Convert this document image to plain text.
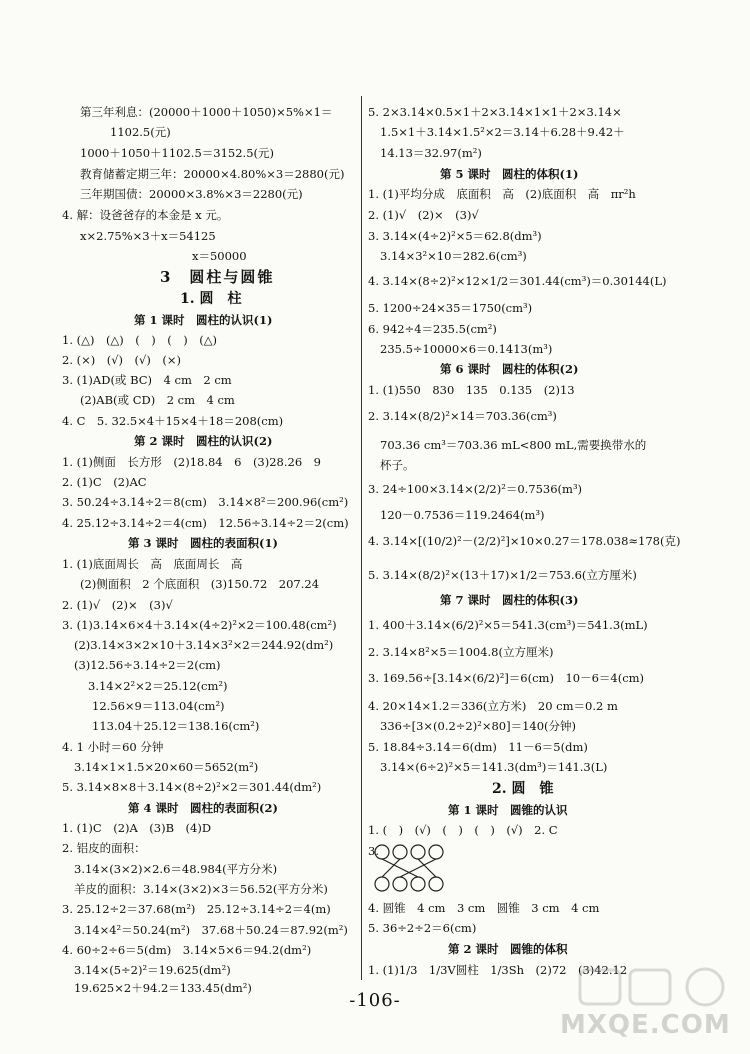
第三年利息：(20000＋1000＋1050)×5%×1＝
1102.5(元)
1000＋1050＋1102.5＝3152.5(元)
教育储蓄定期三年：20000×4.80%×3＝2880(元)
三年期国债：20000×3.8%×3＝2280(元)
4. 解：设爸爸存的本金是 x 元。
x×2.75%×3＋x＝54125
x＝50000
3　圆柱与圆锥
1. 圆　柱
第 1 课时　圆柱的认识(1)
1. (△)　(△)　(　)　(　)　(△)
2. (×)　(√)　(√)　(×)
3. (1)AD(或 BC)　4 cm　2 cm
(2)AB(或 CD)　2 cm　4 cm
4. C　5. 32.5×4＋15×4＋18＝208(cm)
第 2 课时　圆柱的认识(2)
1. (1)侧面　长方形　(2)18.84　6　(3)28.26　9
2. (1)C　(2)AC
3. 50.24÷3.14÷2＝8(cm)　3.14×8²＝200.96(cm²)
4. 25.12÷3.14÷2＝4(cm)　12.56÷3.14÷2＝2(cm)
第 3 课时　圆柱的表面积(1)
1. (1)底面周长　高　底面周长　高
(2)侧面积　2 个底面积　(3)150.72　207.24
2. (1)√　(2)×　(3)√
3. (1)3.14×6×4＋3.14×(4÷2)²×2＝100.48(cm²)
(2)3.14×3×2×10＋3.14×3²×2＝244.92(dm²)
(3)12.56÷3.14÷2＝2(cm)
3.14×2²×2＝25.12(cm²)
12.56×9＝113.04(cm²)
113.04＋25.12＝138.16(cm²)
4. 1 小时＝60 分钟
3.14×1×1.5×20×60＝5652(m²)
5. 3.14×8×8＋3.14×(8÷2)²×2＝301.44(dm²)
第 4 课时　圆柱的表面积(2)
1. (1)C　(2)A　(3)B　(4)D
2. 铝皮的面积：
3.14×(3×2)×2.6＝48.984(平方分米)
羊皮的面积：3.14×(3×2)×3＝56.52(平方分米)
3. 25.12÷2＝37.68(m²)　25.12÷3.14÷2＝4(m)
3.14×4²＝50.24(m²)　37.68＋50.24＝87.92(m²)
4. 60÷2÷6＝5(dm)　3.14×5×6＝94.2(dm²)
3.14×(5÷2)²＝19.625(dm²)
19.625×2＋94.2＝133.45(dm²)
5. 2×3.14×0.5×1＋2×3.14×1×1＋2×3.14×
1.5×1＋3.14×1.5²×2＝3.14＋6.28＋9.42＋
14.13＝32.97(m²)
第 5 课时　圆柱的体积(1)
1. (1)平均分成　底面积　高　(2)底面积　高　πr²h
2. (1)√　(2)×　(3)√
3. 3.14×(4÷2)²×5＝62.8(dm³)
3.14×3²×10＝282.6(cm³)
4. 3.14×(8÷2)²×12×1/2＝301.44(cm³)＝0.30144(L)
5. 1200÷24×35＝1750(cm³)
6. 942÷4＝235.5(cm²)
235.5÷10000×6＝0.1413(m³)
第 6 课时　圆柱的体积(2)
1. (1)550　830　135　0.135　(2)13
2. 3.14×(8/2)²×14＝703.36(cm³)
703.36 cm³＝703.36 mL<800 mL,需要换带水的
杯子。
3. 24÷100×3.14×(2/2)²＝0.7536(m³)
120－0.7536＝119.2464(m³)
4. 3.14×[(10/2)²－(2/2)²]×10×0.27＝178.038≈178(克)
5. 3.14×(8/2)²×(13＋17)×1/2＝753.6(立方厘米)
第 7 课时　圆柱的体积(3)
1. 400＋3.14×(6/2)²×5＝541.3(cm³)＝541.3(mL)
2. 3.14×8²×5＝1004.8(立方厘米)
3. 169.56÷[3.14×(6/2)²]＝6(cm)　10－6＝4(cm)
4. 20×14×1.2＝336(立方米)　20 cm＝0.2 m
336÷[3×(0.2÷2)²×80]＝140(分钟)
5. 18.84÷3.14＝6(dm)　11－6＝5(dm)
3.14×(6÷2)²×5＝141.3(dm³)＝141.3(L)
2. 圆　锥
第 1 课时　圆锥的认识
1. (　)　(√)　(　)　(　)　(√)　2. C
3.
4. 圆锥　4 cm　3 cm　圆锥　3 cm　4 cm
5. 36÷2÷2＝6(cm)
第 2 课时　圆锥的体积
1. (1)1/3　1/3V圆柱　1/3Sh　(2)72　(3)42.12
-106-
MXQE.COM
